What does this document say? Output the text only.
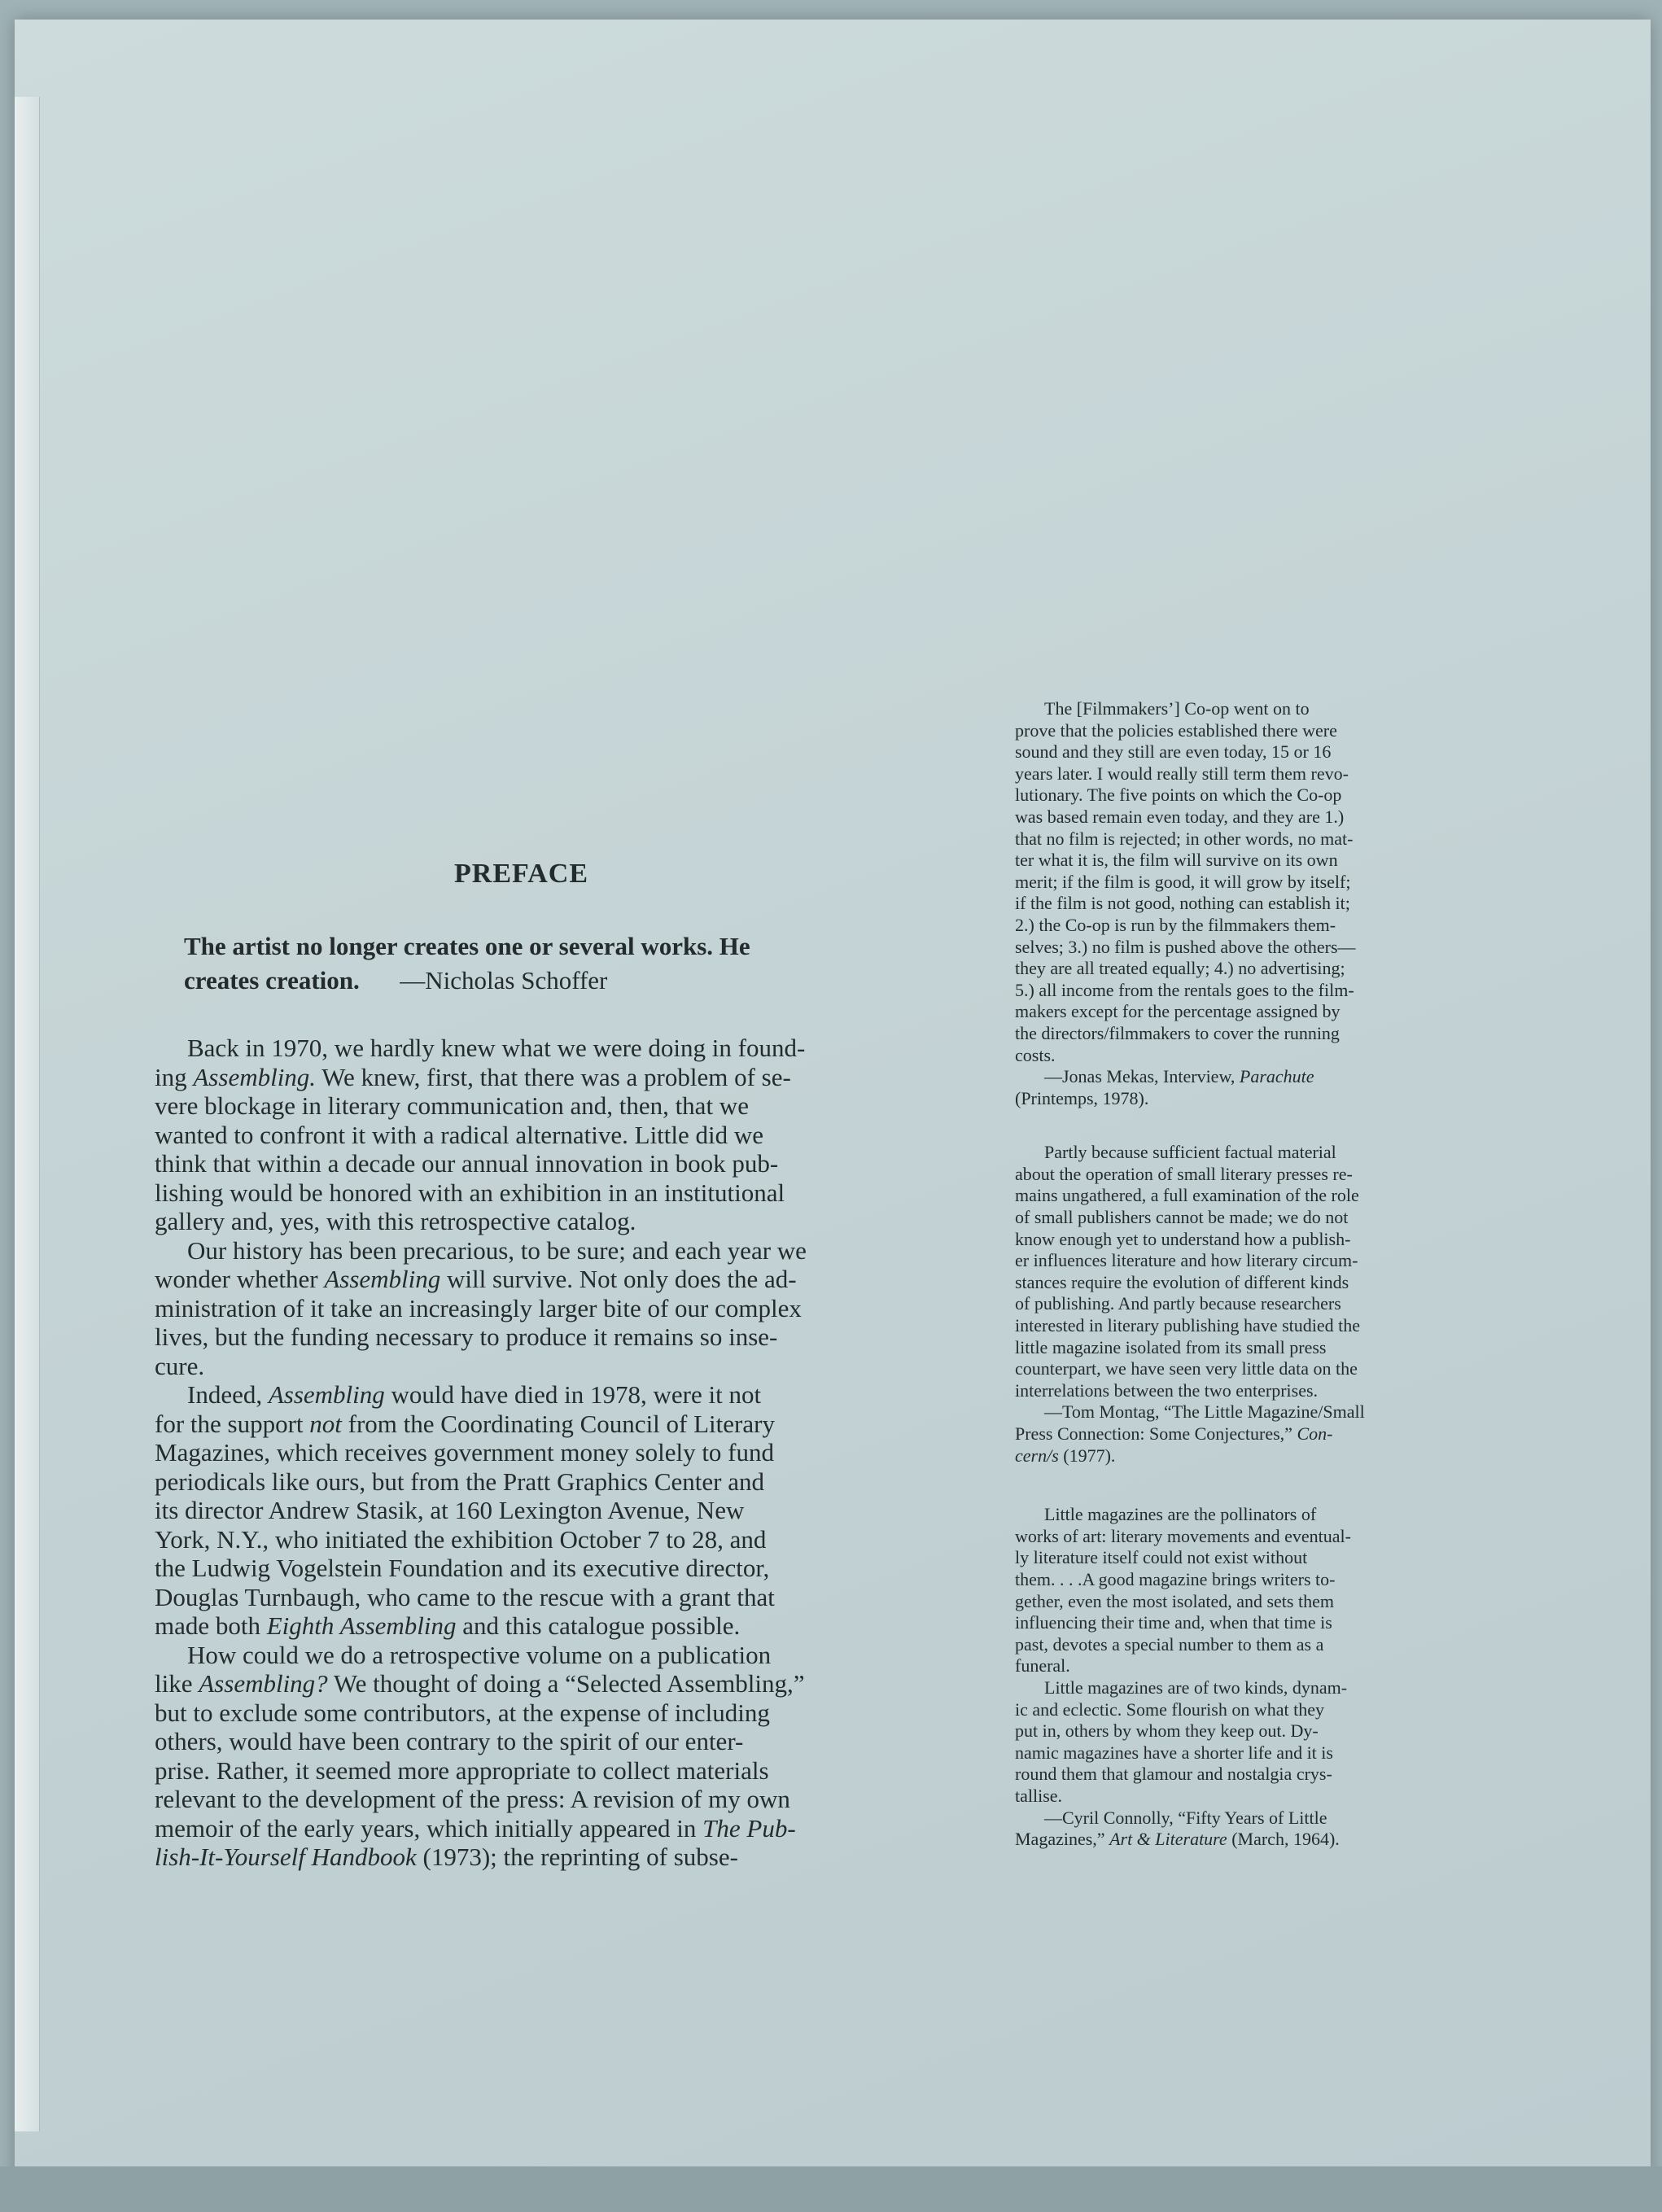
PREFACE
The artist no longer creates one or several works. He
creates creation. —Nicholas Schoffer
Back in 1970, we hardly knew what we were doing in found-
ing Assembling. We knew, first, that there was a problem of se-
vere blockage in literary communication and, then, that we
wanted to confront it with a radical alternative. Little did we
think that within a decade our annual innovation in book pub-
lishing would be honored with an exhibition in an institutional
gallery and, yes, with this retrospective catalog.
Our history has been precarious, to be sure; and each year we
wonder whether Assembling will survive. Not only does the ad-
ministration of it take an increasingly larger bite of our complex
lives, but the funding necessary to produce it remains so inse-
cure.
Indeed, Assembling would have died in 1978, were it not
for the support not from the Coordinating Council of Literary
Magazines, which receives government money solely to fund
periodicals like ours, but from the Pratt Graphics Center and
its director Andrew Stasik, at 160 Lexington Avenue, New
York, N.Y., who initiated the exhibition October 7 to 28, and
the Ludwig Vogelstein Foundation and its executive director,
Douglas Turnbaugh, who came to the rescue with a grant that
made both Eighth Assembling and this catalogue possible.
How could we do a retrospective volume on a publication
like Assembling? We thought of doing a “Selected Assembling,”
but to exclude some contributors, at the expense of including
others, would have been contrary to the spirit of our enter-
prise. Rather, it seemed more appropriate to collect materials
relevant to the development of the press: A revision of my own
memoir of the early years, which initially appeared in The Pub-
lish-It-Yourself Handbook (1973); the reprinting of subse-
The [Filmmakers’] Co-op went on to
prove that the policies established there were
sound and they still are even today, 15 or 16
years later. I would really still term them revo-
lutionary. The five points on which the Co-op
was based remain even today, and they are 1.)
that no film is rejected; in other words, no mat-
ter what it is, the film will survive on its own
merit; if the film is good, it will grow by itself;
if the film is not good, nothing can establish it;
2.) the Co-op is run by the filmmakers them-
selves; 3.) no film is pushed above the others—
they are all treated equally; 4.) no advertising;
5.) all income from the rentals goes to the film-
makers except for the percentage assigned by
the directors/filmmakers to cover the running
costs.
—Jonas Mekas, Interview, Parachute
(Printemps, 1978).
Partly because sufficient factual material
about the operation of small literary presses re-
mains ungathered, a full examination of the role
of small publishers cannot be made; we do not
know enough yet to understand how a publish-
er influences literature and how literary circum-
stances require the evolution of different kinds
of publishing. And partly because researchers
interested in literary publishing have studied the
little magazine isolated from its small press
counterpart, we have seen very little data on the
interrelations between the two enterprises.
—Tom Montag, “The Little Magazine/Small
Press Connection: Some Conjectures,” Con-
cern/s (1977).
Little magazines are the pollinators of
works of art: literary movements and eventual-
ly literature itself could not exist without
them. . . .A good magazine brings writers to-
gether, even the most isolated, and sets them
influencing their time and, when that time is
past, devotes a special number to them as a
funeral.
Little magazines are of two kinds, dynam-
ic and eclectic. Some flourish on what they
put in, others by whom they keep out. Dy-
namic magazines have a shorter life and it is
round them that glamour and nostalgia crys-
tallise.
—Cyril Connolly, “Fifty Years of Little
Magazines,” Art & Literature (March, 1964).
